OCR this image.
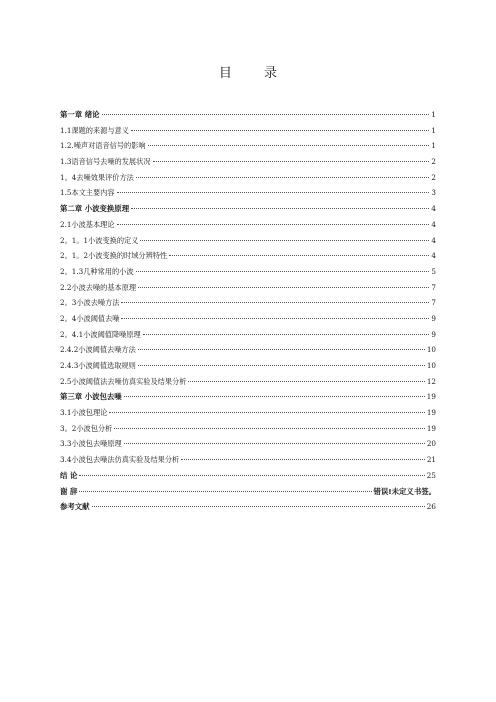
目 录
第一章 绪论	1
1.1课题的来源与意义	1
1.2.噪声对语音信号的影响	1
1.3语音信号去噪的发展状况	2
1。4去噪效果评价方法	2
1.5本文主要内容	3
第二章 小波变换原理	4
2.1小波基本理论	4
2。1。1小波变换的定义	4
2。1。2小波变换的时域分辨特性	4
2。1.3几种常用的小波	5
2.2小波去噪的基本原理	7
2。3小波去噪方法	7
2。4小波阈值去噪	9
2。4.1小波阈值降噪原理	9
2.4.2小波阈值去噪方法	10
2.4.3小波阈值选取规则	10
2.5小波阈值法去噪仿真实验及结果分析	12
第三章 小波包去噪	19
3.1小波包理论	19
3。2小波包分析	19
3.3小波包去噪原理	20
3.4小波包去噪法仿真实验及结果分析	21
结 论	25
谢 辞	错误!未定义书签。
参考文献	26
